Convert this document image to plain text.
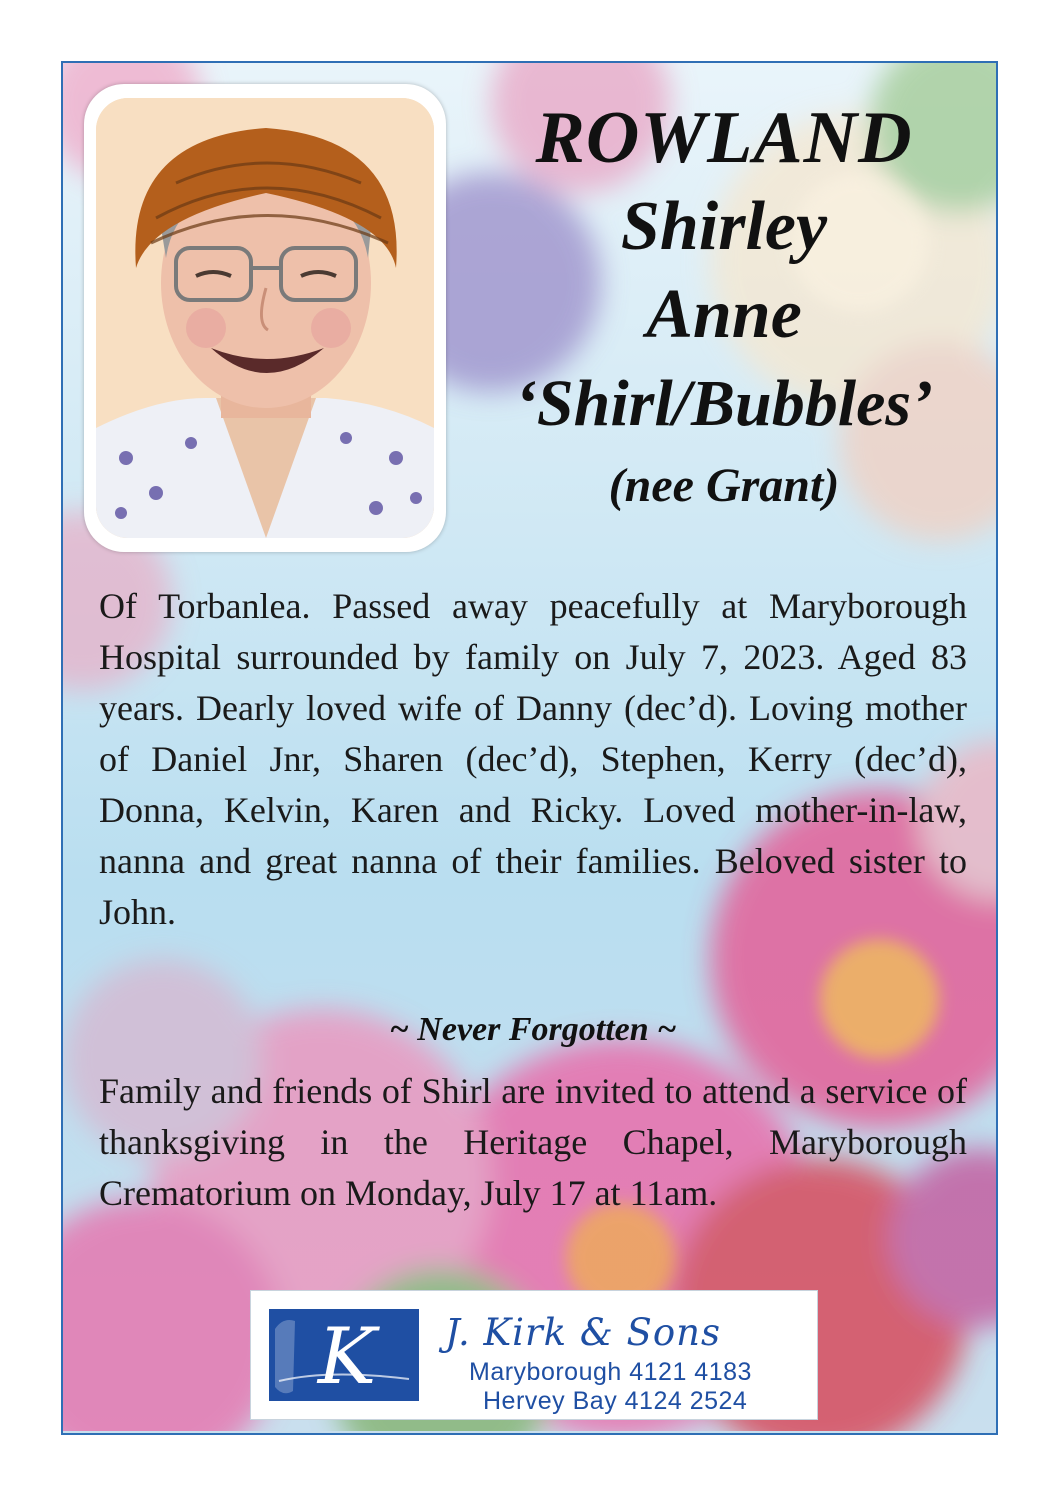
ROWLAND
Shirley
Anne
‘Shirl/Bubbles’
(nee Grant)
Of Torbanlea. Passed away peacefully at Maryborough Hospital surrounded by family on July 7, 2023. Aged 83 years. Dearly loved wife of Danny (dec’d). Loving mother of Daniel Jnr, Sharen (dec’d), Stephen, Kerry (dec’d), Donna, Kelvin, Karen and Ricky. Loved mother-in-law, nanna and great nanna of their families. Beloved sister to John.
~ Never Forgotten ~
Family and friends of Shirl are invited to attend a service of thanksgiving in the Heritage Chapel, Maryborough Crematorium on Monday, July 17 at 11am.
K J. Kirk & Sons
Maryborough 4121 4183
Hervey Bay 4124 2524
